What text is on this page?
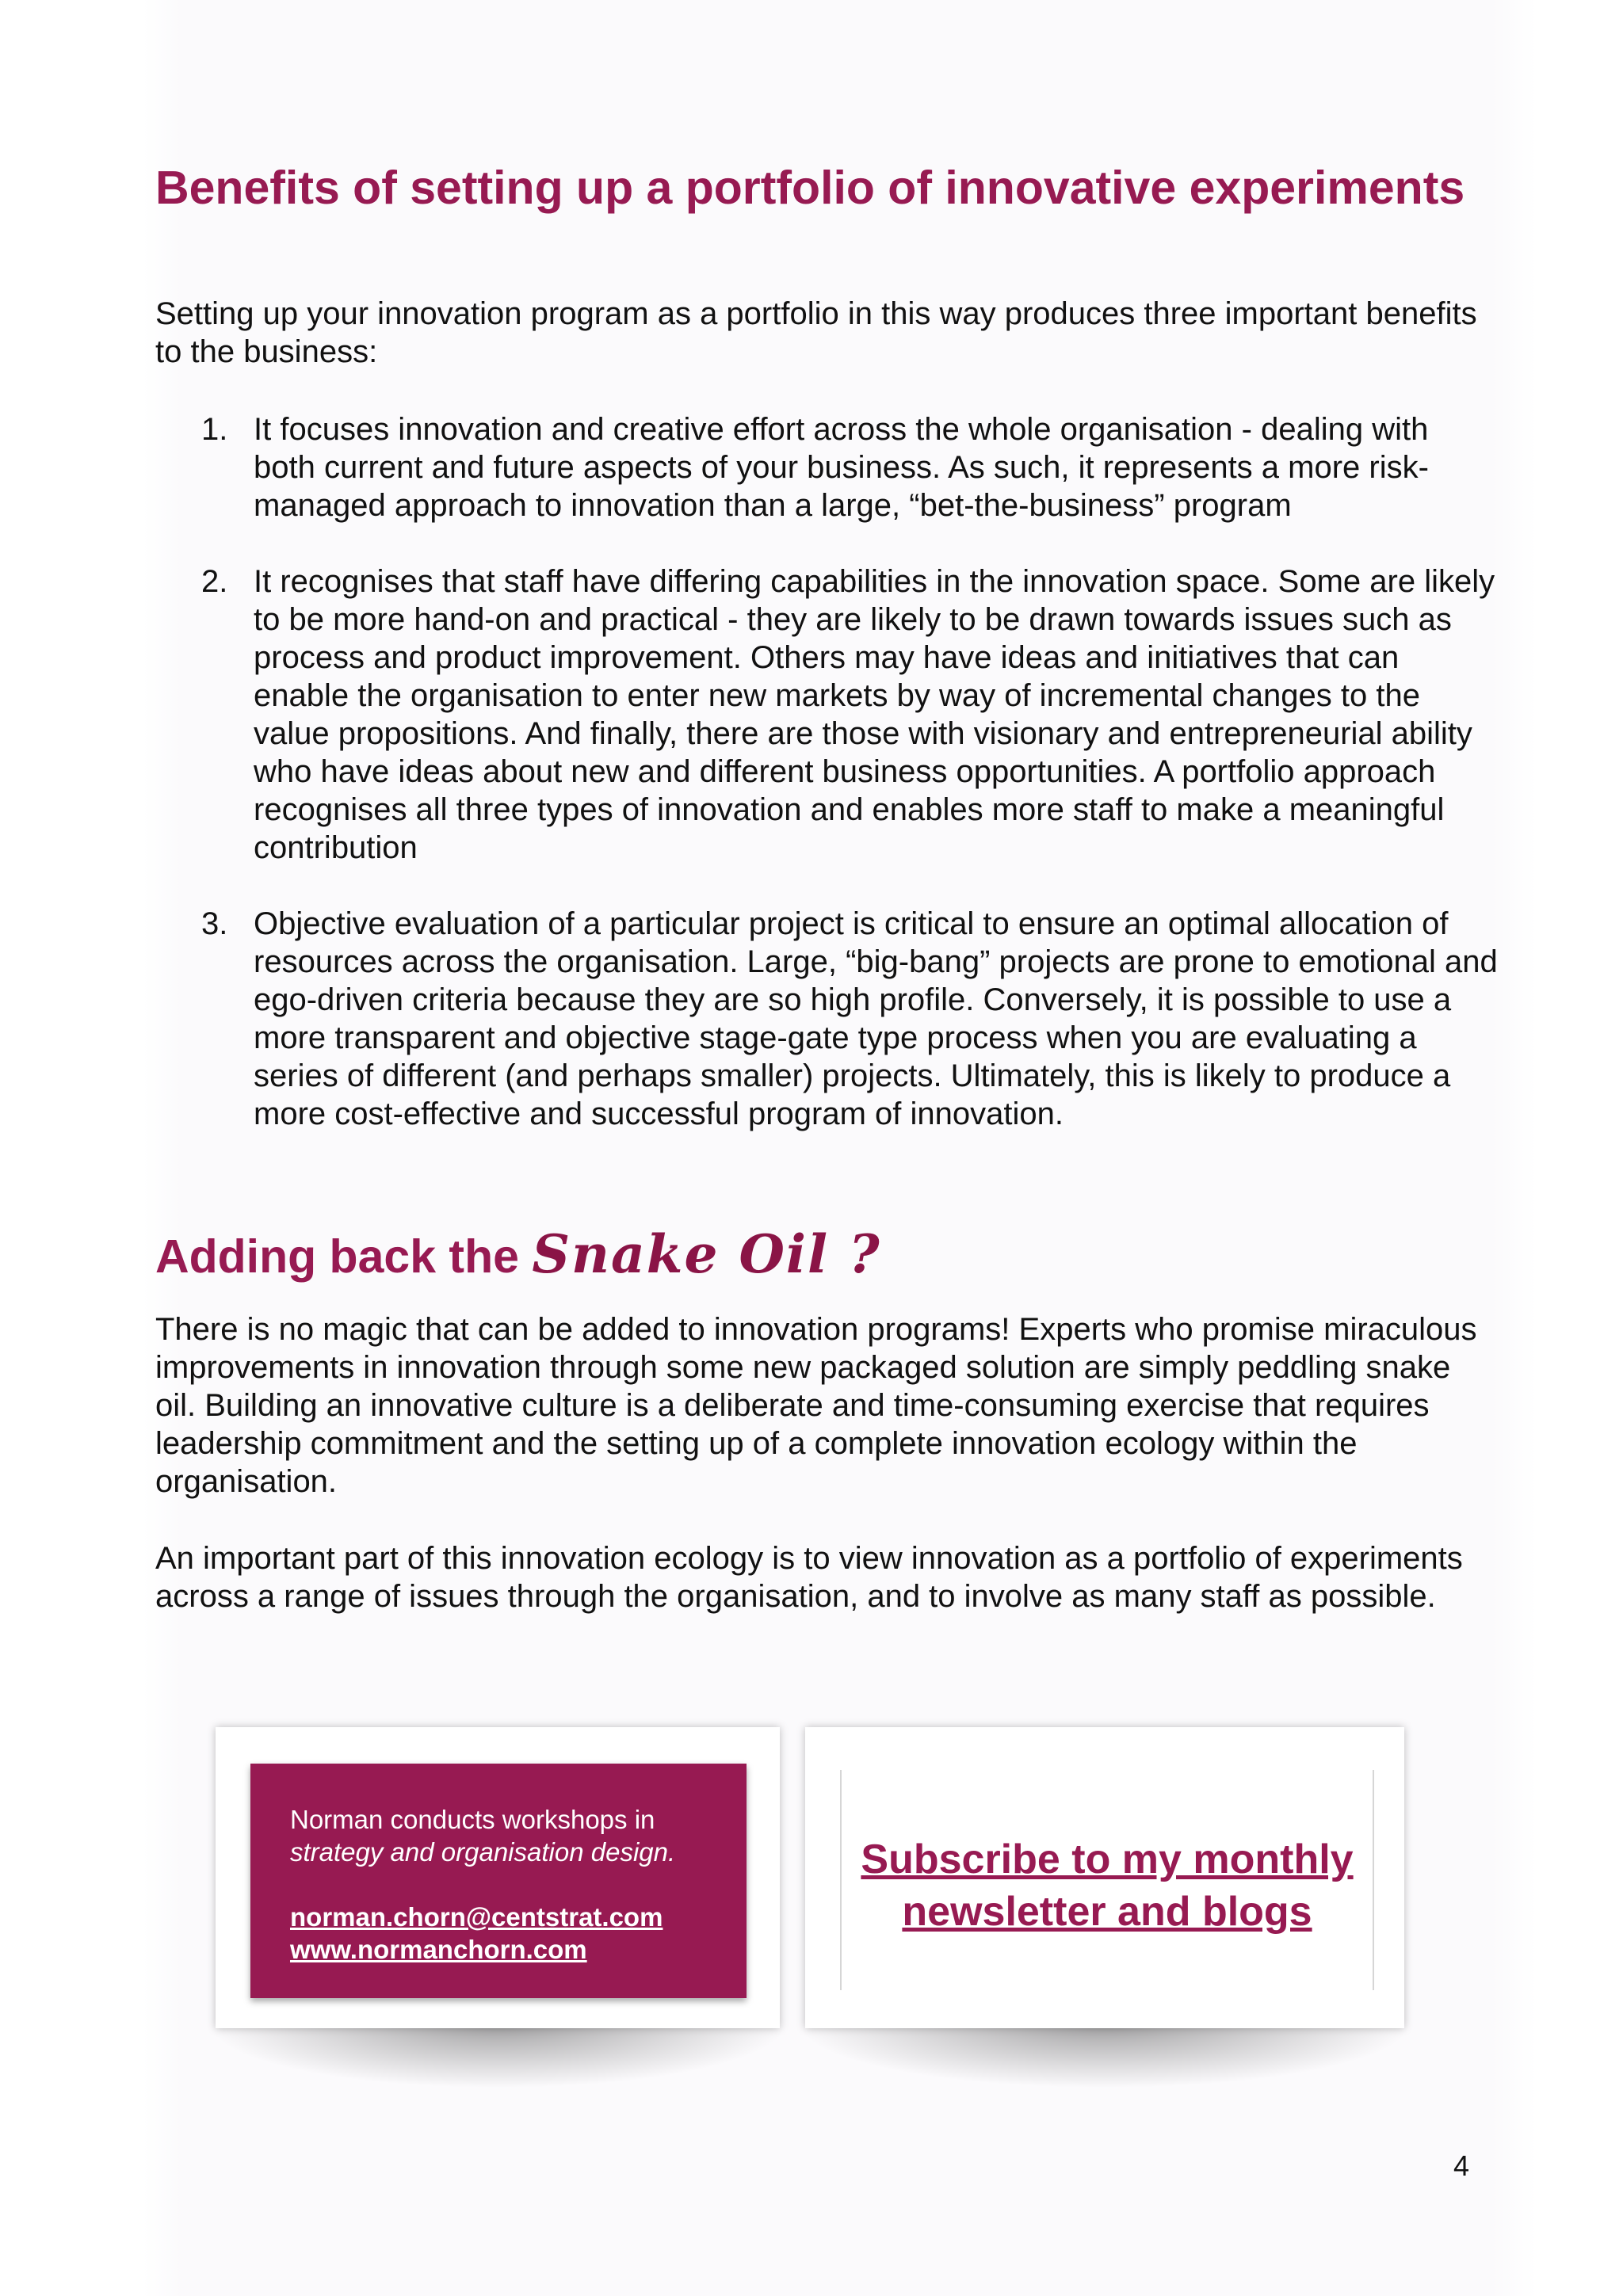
Benefits of setting up a portfolio of innovative experiments

Setting up your innovation program as a portfolio in this way produces three important benefits to the business:

1. It focuses innovation and creative effort across the whole organisation - dealing with both current and future aspects of your business. As such, it represents a more risk-managed approach to innovation than a large, “bet-the-business” program
2. It recognises that staff have differing capabilities in the innovation space. Some are likely to be more hand-on and practical - they are likely to be drawn towards issues such as process and product improvement. Others may have ideas and initiatives that can enable the organisation to enter new markets by way of incremental changes to the value propositions. And finally, there are those with visionary and entrepreneurial ability who have ideas about new and different business opportunities. A portfolio approach recognises all three types of innovation and enables more staff to make a meaningful contribution
3. Objective evaluation of a particular project is critical to ensure an optimal allocation of resources across the organisation. Large, “big-bang” projects are prone to emotional and ego-driven criteria because they are so high profile. Conversely, it is possible to use a more transparent and objective stage-gate type process when you are evaluating a series of different (and perhaps smaller) projects. Ultimately, this is likely to produce a more cost-effective and successful program of innovation.
Adding back the Snake Oil ?

There is no magic that can be added to innovation programs! Experts who promise miraculous improvements in innovation through some new packaged solution are simply peddling snake oil. Building an innovative culture is a deliberate and time-consuming exercise that requires leadership commitment and the setting up of a complete innovation ecology within the organisation.

An important part of this innovation ecology is to view innovation as a portfolio of experiments across a range of issues through the organisation, and to involve as many staff as possible.

Norman conducts workshops in
strategy and organisation design.
norman.chorn@centstrat.com
www.normanchorn.com
Subscribe to my monthly
newsletter and blogs
4
